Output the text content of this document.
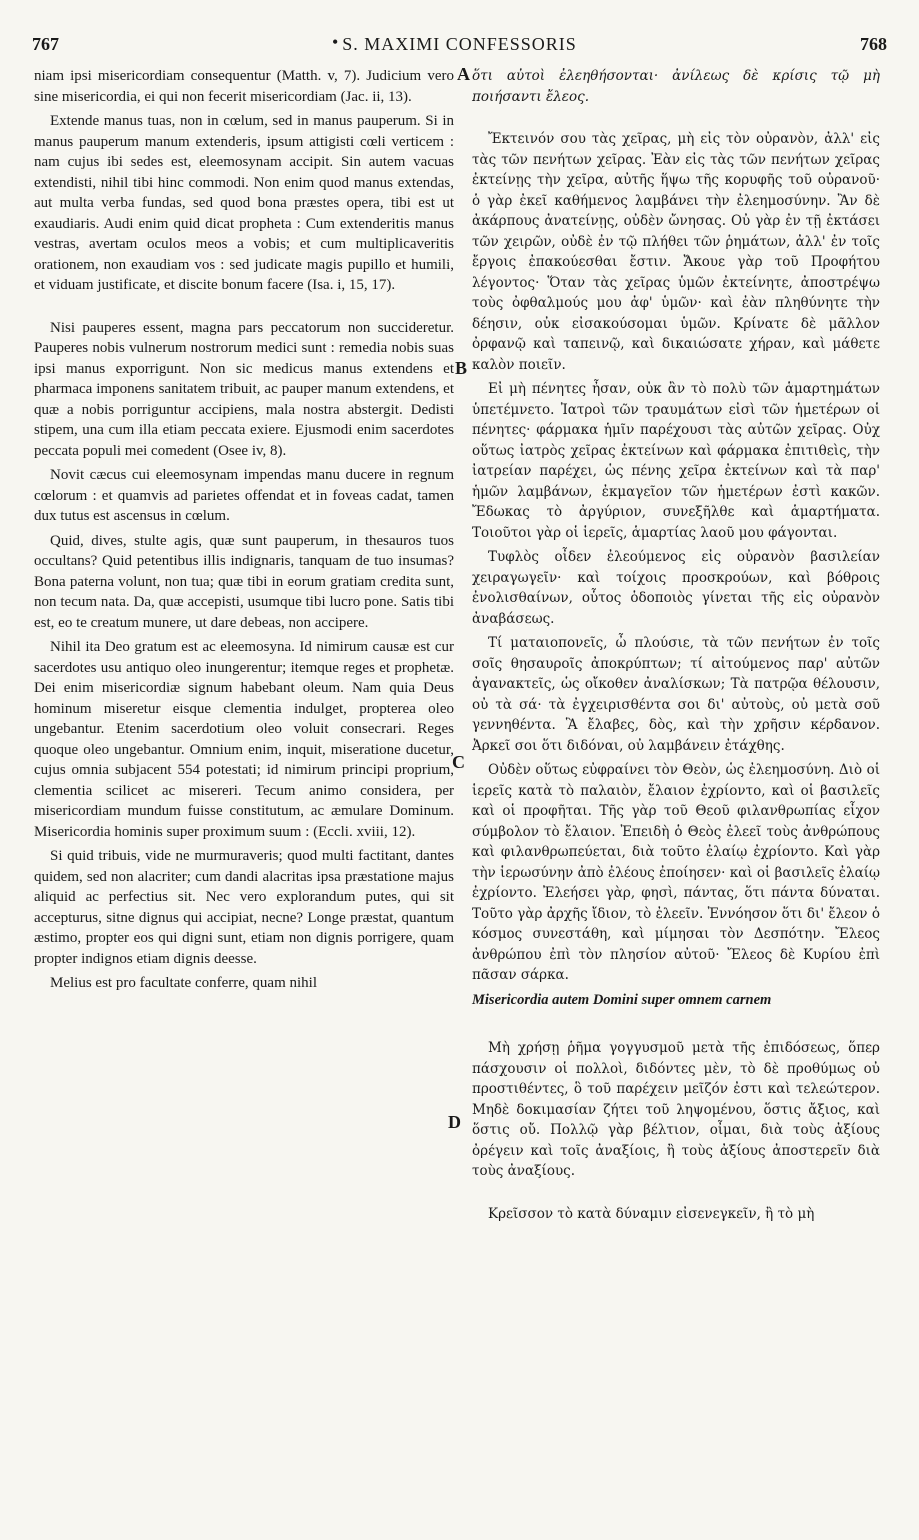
767	• S. MAXIMI CONFESSORIS	768

niam ipsi misericordiam consequentur (Matth. v, 7). Judicium vero sine misericordia, ei qui non fecerit misericordiam (Jac. ii, 13).

Extende manus tuas, non in cœlum, sed in manus pauperum. Si in manus pauperum manum extenderis, ipsum attigisti cœli verticem : nam cujus ibi sedes est, eleemosynam accipit. Sin autem vacuas extendisti, nihil tibi hinc commodi. Non enim quod manus extendas, aut multa verba fundas, sed quod bona præstes opera, tibi est ut exaudiaris. Audi enim quid dicat propheta : Cum extenderitis manus vestras, avertam oculos meos a vobis; et cum multiplicaveritis orationem, non exaudiam vos : sed judicate magis pupillo et humili, et viduam justificate, et discite bonum facere (Isa. i, 15, 17).

Nisi pauperes essent, magna pars peccatorum non succideretur. Pauperes nobis vulnerum nostrorum medici sunt : remedia nobis suas ipsi manus exporrigunt. Non sic medicus manus extendens et pharmaca imponens sanitatem tribuit, ac pauper manum extendens, et quæ a nobis porriguntur accipiens, mala nostra abstergit. Dedisti stipem, una cum illa etiam peccata exiere. Ejusmodi enim sacerdotes peccata populi mei comedent (Osee iv, 8).

Novit cæcus cui eleemosynam impendas manu ducere in regnum cœlorum : et quamvis ad parietes offendat et in foveas cadat, tamen dux tutus est ascensus in cœlum.

Quid, dives, stulte agis, quæ sunt pauperum, in thesauros tuos occultans? Quid petentibus illis indignaris, tanquam de tuo insumas? Bona paterna volunt, non tua; quæ tibi in eorum gratiam credita sunt, non tecum nata. Da, quæ accepisti, usumque tibi lucro pone. Satis tibi est, eo te creatum munere, ut dare debeas, non accipere.

Nihil ita Deo gratum est ac eleemosyna. Id nimirum causæ est cur sacerdotes usu antiquo oleo inungerentur; itemque reges et prophetæ. Dei enim misericordiæ signum habebant oleum. Nam quia Deus hominum miseretur eisque clementia indulget, propterea oleo ungebantur. Etenim sacerdotium oleo voluit consecrari. Reges quoque oleo ungebantur. Omnium enim, inquit, miseratione ducetur, cujus omnia subjacent 554 potestati; id nimirum principi proprium, clementia scilicet ac misereri. Tecum animo considera, per misericordiam mundum fuisse constitutum, ac æmulare Dominum. Misericordia hominis super proximum suum : (Eccli. xviii, 12).

Si quid tribuis, vide ne murmuraveris; quod multi factitant, dantes quidem, sed non alacriter; cum dandi alacritas ipsa præstatione majus aliquid ac perfectius sit. Nec vero explorandum putes, qui sit accepturus, sitne dignus qui accipiat, necne? Longe præstat, quantum æstimo, propter eos qui digni sunt, etiam non dignis porrigere, quam propter indignos etiam dignis deesse.

Melius est pro facultate conferre, quam nihil

A
B
C
D

ὅτι αὐτοὶ ἐλεηθήσονται· ἀνίλεως δὲ κρίσις τῷ μὴ ποιήσαντι ἔλεος.

Ἔκτεινόν σου τὰς χεῖρας, μὴ εἰς τὸν οὐρανὸν, ἀλλ' εἰς τὰς τῶν πενήτων χεῖρας. Ἐὰν εἰς τὰς τῶν πενήτων χεῖρας ἐκτείνῃς τὴν χεῖρα, αὐτῆς ἥψω τῆς κορυφῆς τοῦ οὐρανοῦ· ὁ γὰρ ἐκεῖ καθήμενος λαμβάνει τὴν ἐλεημοσύνην. Ἂν δὲ ἀκάρπους ἀνατείνῃς, οὐδὲν ὤνησας. Οὐ γὰρ ἐν τῇ ἐκτάσει τῶν χειρῶν, οὐδὲ ἐν τῷ πλήθει τῶν ῥημάτων, ἀλλ' ἐν τοῖς ἔργοις ἐπακούεσθαι ἔστιν. Ἄκουε γὰρ τοῦ Προφήτου λέγοντος· Ὅταν τὰς χεῖρας ὑμῶν ἐκτείνητε, ἀποστρέψω τοὺς ὀφθαλμούς μου ἀφ' ὑμῶν· καὶ ἐὰν πληθύνητε τὴν δέησιν, οὐκ εἰσακούσομαι ὑμῶν. Κρίνατε δὲ μᾶλλον ὀρφανῷ καὶ ταπεινῷ, καὶ δικαιώσατε χήραν, καὶ μάθετε καλὸν ποιεῖν.

Εἰ μὴ πένητες ἦσαν, οὐκ ἂν τὸ πολὺ τῶν ἁμαρτημάτων ὑπετέμνετο. Ἰατροὶ τῶν τραυμάτων εἰσὶ τῶν ἡμετέρων οἱ πένητες· φάρμακα ἡμῖν παρέχουσι τὰς αὐτῶν χεῖρας. Οὐχ οὕτως ἰατρὸς χεῖρας ἐκτείνων καὶ φάρμακα ἐπιτιθεὶς, τὴν ἰατρείαν παρέχει, ὡς πένης χεῖρα ἐκτείνων καὶ τὰ παρ' ἡμῶν λαμβάνων, ἐκμαγεῖον τῶν ἡμετέρων ἐστὶ κακῶν. Ἔδωκας τὸ ἀργύριον, συνεξῆλθε καὶ ἁμαρτήματα. Τοιοῦτοι γὰρ οἱ ἱερεῖς, ἁμαρτίας λαοῦ μου φάγονται.

Τυφλὸς οἶδεν ἐλεούμενος εἰς οὐρανὸν βασιλείαν χειραγωγεῖν· καὶ τοίχοις προσκρούων, καὶ βόθροις ἐνολισθαίνων, οὗτος ὁδοποιὸς γίνεται τῆς εἰς οὐρανὸν ἀναβάσεως.

Τί ματαιοπονεῖς, ὦ πλούσιε, τὰ τῶν πενήτων ἐν τοῖς σοῖς θησαυροῖς ἀποκρύπτων; τί αἰτούμενος παρ' αὐτῶν ἀγανακτεῖς, ὡς οἴκοθεν ἀναλίσκων; Τὰ πατρῷα θέλουσιν, οὐ τὰ σά· τὰ ἐγχειρισθέντα σοι δι' αὐτοὺς, οὐ μετὰ σοῦ γεννηθέντα. Ἃ ἔλαβες, δὸς, καὶ τὴν χρῆσιν κέρδανον. Ἀρκεῖ σοι ὅτι διδόναι, οὐ λαμβάνειν ἐτάχθης.

Οὐδὲν οὕτως εὐφραίνει τὸν Θεὸν, ὡς ἐλεημοσύνη. Διὸ οἱ ἱερεῖς κατὰ τὸ παλαιὸν, ἔλαιον ἐχρίοντο, καὶ οἱ βασιλεῖς καὶ οἱ προφῆται. Τῆς γὰρ τοῦ Θεοῦ φιλανθρωπίας εἶχον σύμβολον τὸ ἔλαιον. Ἐπειδὴ ὁ Θεὸς ἐλεεῖ τοὺς ἀνθρώπους καὶ φιλανθρωπεύεται, διὰ τοῦτο ἐλαίῳ ἐχρίοντο. Καὶ γὰρ τὴν ἱερωσύνην ἀπὸ ἐλέους ἐποίησεν· καὶ οἱ βασιλεῖς ἐλαίῳ ἐχρίοντο. Ἐλεήσει γὰρ, φησὶ, πάντας, ὅτι πάντα δύναται. Τοῦτο γὰρ ἀρχῆς ἴδιον, τὸ ἐλεεῖν. Ἐννόησον ὅτι δι' ἔλεον ὁ κόσμος συνεστάθη, καὶ μίμησαι τὸν Δεσπότην. Ἔλεος ἀνθρώπου ἐπὶ τὸν πλησίον αὐτοῦ· Ἔλεος δὲ Κυρίου ἐπὶ πᾶσαν σάρκα.

Misericordia autem Domini super omnem carnem

Μὴ χρήσῃ ῥῆμα γογγυσμοῦ μετὰ τῆς ἐπιδόσεως, ὅπερ πάσχουσιν οἱ πολλοὶ, διδόντες μὲν, τὸ δὲ προθύμως οὐ προστιθέντες, ὃ τοῦ παρέχειν μεῖζόν ἐστι καὶ τελεώτερον. Μηδὲ δοκιμασίαν ζήτει τοῦ ληψομένου, ὅστις ἄξιος, καὶ ὅστις οὔ. Πολλῷ γὰρ βέλτιον, οἶμαι, διὰ τοὺς ἀξίους ὀρέγειν καὶ τοῖς ἀναξίοις, ἢ τοὺς ἀξίους ἀποστερεῖν διὰ τοὺς ἀναξίους.

Κρεῖσσον τὸ κατὰ δύναμιν εἰσενεγκεῖν, ἢ τὸ μὴ
